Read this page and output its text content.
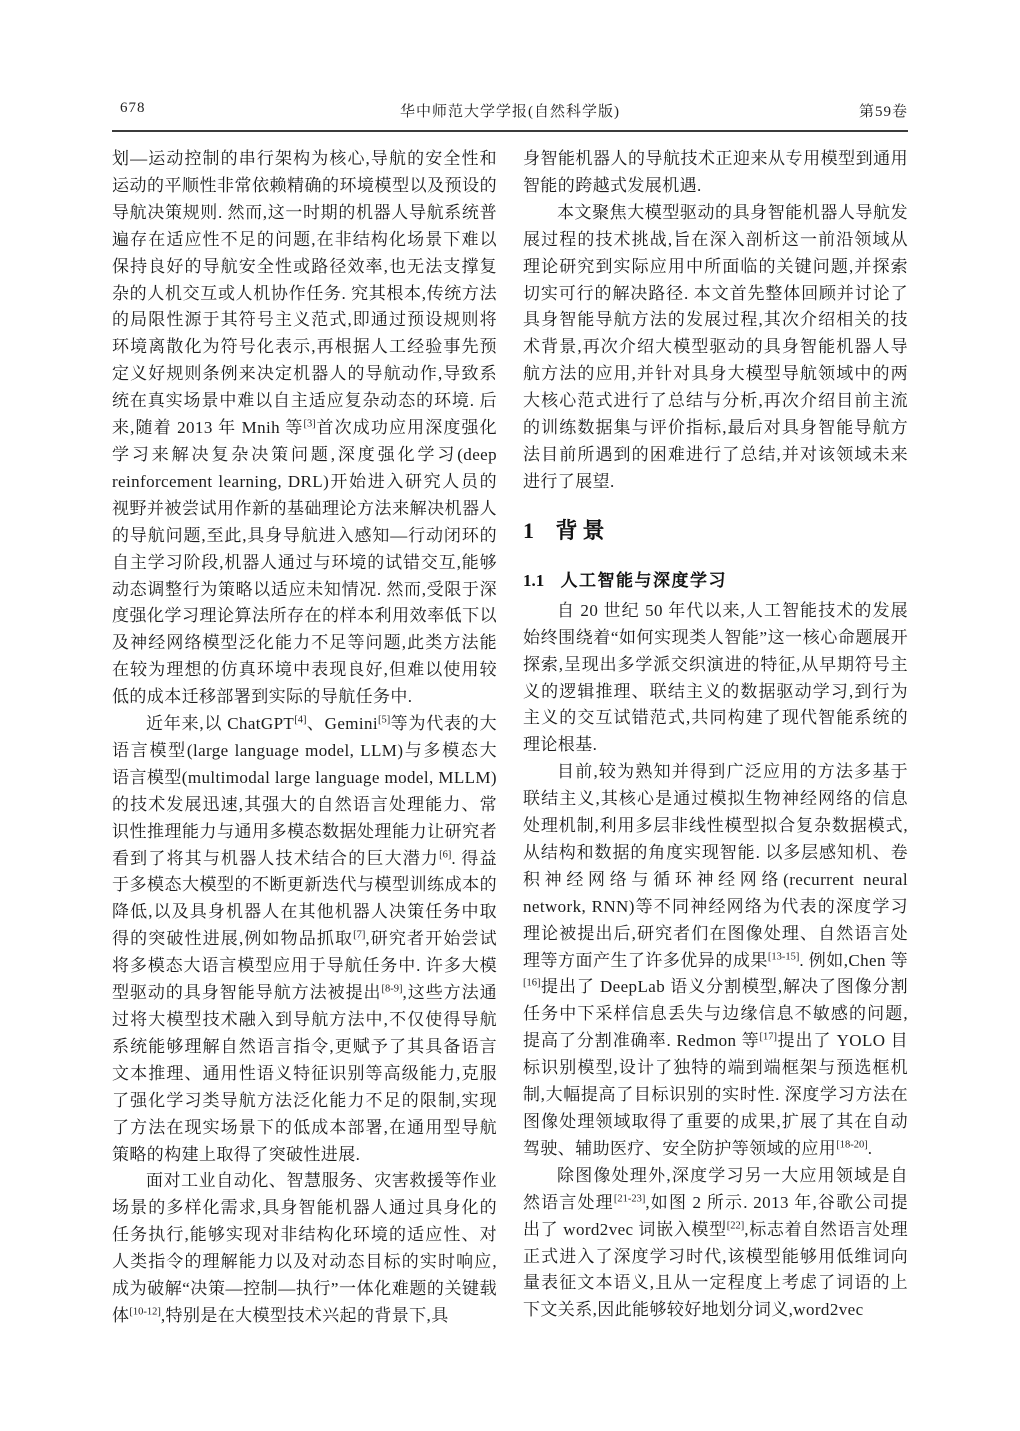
678	华中师范大学学报(自然科学版)	第59卷

划—运动控制的串行架构为核心,导航的安全性和运动的平顺性非常依赖精确的环境模型以及预设的导航决策规则. 然而,这一时期的机器人导航系统普遍存在适应性不足的问题,在非结构化场景下难以保持良好的导航安全性或路径效率,也无法支撑复杂的人机交互或人机协作任务. 究其根本,传统方法的局限性源于其符号主义范式,即通过预设规则将环境离散化为符号化表示,再根据人工经验事先预定义好规则条例来决定机器人的导航动作,导致系统在真实场景中难以自主适应复杂动态的环境. 后来,随着 2013 年 Mnih 等[3]首次成功应用深度强化学习来解决复杂决策问题,深度强化学习(deep reinforcement learning, DRL)开始进入研究人员的视野并被尝试用作新的基础理论方法来解决机器人的导航问题,至此,具身导航进入感知—行动闭环的自主学习阶段,机器人通过与环境的试错交互,能够动态调整行为策略以适应未知情况. 然而,受限于深度强化学习理论算法所存在的样本利用效率低下以及神经网络模型泛化能力不足等问题,此类方法能在较为理想的仿真环境中表现良好,但难以使用较低的成本迁移部署到实际的导航任务中.

近年来,以 ChatGPT[4]、Gemini[5]等为代表的大语言模型(large language model, LLM)与多模态大语言模型(multimodal large language model, MLLM)的技术发展迅速,其强大的自然语言处理能力、常识性推理能力与通用多模态数据处理能力让研究者看到了将其与机器人技术结合的巨大潜力[6]. 得益于多模态大模型的不断更新迭代与模型训练成本的降低,以及具身机器人在其他机器人决策任务中取得的突破性进展,例如物品抓取[7],研究者开始尝试将多模态大语言模型应用于导航任务中. 许多大模型驱动的具身智能导航方法被提出[8-9],这些方法通过将大模型技术融入到导航方法中,不仅使得导航系统能够理解自然语言指令,更赋予了其具备语言文本推理、通用性语义特征识别等高级能力,克服了强化学习类导航方法泛化能力不足的限制,实现了方法在现实场景下的低成本部署,在通用型导航策略的构建上取得了突破性进展.

面对工业自动化、智慧服务、灾害救援等作业场景的多样化需求,具身智能机器人通过具身化的任务执行,能够实现对非结构化环境的适应性、对人类指令的理解能力以及对动态目标的实时响应,成为破解“决策—控制—执行”一体化难题的关键载体[10-12],特别是在大模型技术兴起的背景下,具

身智能机器人的导航技术正迎来从专用模型到通用智能的跨越式发展机遇.

本文聚焦大模型驱动的具身智能机器人导航发展过程的技术挑战,旨在深入剖析这一前沿领域从理论研究到实际应用中所面临的关键问题,并探索切实可行的解决路径. 本文首先整体回顾并讨论了具身智能导航方法的发展过程,其次介绍相关的技术背景,再次介绍大模型驱动的具身智能机器人导航方法的应用,并针对具身大模型导航领域中的两大核心范式进行了总结与分析,再次介绍目前主流的训练数据集与评价指标,最后对具身智能导航方法目前所遇到的困难进行了总结,并对该领域未来进行了展望.

1 背景
1.1 人工智能与深度学习

自 20 世纪 50 年代以来,人工智能技术的发展始终围绕着“如何实现类人智能”这一核心命题展开探索,呈现出多学派交织演进的特征,从早期符号主义的逻辑推理、联结主义的数据驱动学习,到行为主义的交互试错范式,共同构建了现代智能系统的理论根基.

目前,较为熟知并得到广泛应用的方法多基于联结主义,其核心是通过模拟生物神经网络的信息处理机制,利用多层非线性模型拟合复杂数据模式,从结构和数据的角度实现智能. 以多层感知机、卷积神经网络与循环神经网络(recurrent neural network, RNN)等不同神经网络为代表的深度学习理论被提出后,研究者们在图像处理、自然语言处理等方面产生了许多优异的成果[13-15]. 例如,Chen 等[16]提出了 DeepLab 语义分割模型,解决了图像分割任务中下采样信息丢失与边缘信息不敏感的问题,提高了分割准确率. Redmon 等[17]提出了 YOLO 目标识别模型,设计了独特的端到端框架与预选框机制,大幅提高了目标识别的实时性. 深度学习方法在图像处理领域取得了重要的成果,扩展了其在自动驾驶、辅助医疗、安全防护等领域的应用[18-20].

除图像处理外,深度学习另一大应用领域是自然语言处理[21-23],如图 2 所示. 2013 年,谷歌公司提出了 word2vec 词嵌入模型[22],标志着自然语言处理正式进入了深度学习时代,该模型能够用低维词向量表征文本语义,且从一定程度上考虑了词语的上下文关系,因此能够较好地划分词义,word2vec
